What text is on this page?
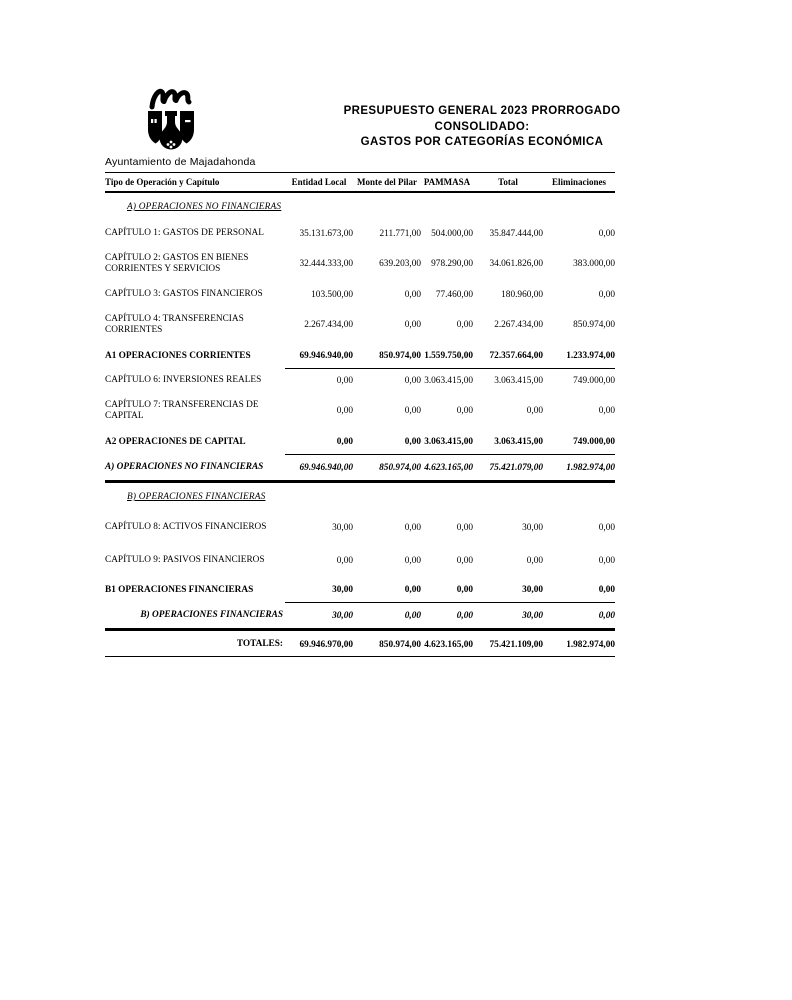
PRESUPUESTO GENERAL 2023 PRORROGADO
CONSOLIDADO:
GASTOS POR CATEGORÍAS ECONÓMICA
Ayuntamiento de Majadahonda
Tipo de Operación y Capítulo	Entidad Local	Monte del Pilar	PAMMASA	Total	Eliminaciones
A) OPERACIONES NO FINANCIERAS					
CAPÍTULO 1: GASTOS DE PERSONAL	35.131.673,00	211.771,00	504.000,00	35.847.444,00	0,00
CAPÍTULO 2: GASTOS EN BIENES CORRIENTES Y SERVICIOS	32.444.333,00	639.203,00	978.290,00	34.061.826,00	383.000,00
CAPÍTULO 3: GASTOS FINANCIEROS	103.500,00	0,00	77.460,00	180.960,00	0,00
CAPÍTULO 4: TRANSFERENCIAS CORRIENTES	2.267.434,00	0,00	0,00	2.267.434,00	850.974,00
A1 OPERACIONES CORRIENTES	69.946.940,00	850.974,00	1.559.750,00	72.357.664,00	1.233.974,00
CAPÍTULO 6: INVERSIONES REALES	0,00	0,00	3.063.415,00	3.063.415,00	749.000,00
CAPÍTULO 7: TRANSFERENCIAS DE CAPITAL	0,00	0,00	0,00	0,00	0,00
A2 OPERACIONES DE CAPITAL	0,00	0,00	3.063.415,00	3.063.415,00	749.000,00
A) OPERACIONES NO FINANCIERAS	69.946.940,00	850.974,00	4.623.165,00	75.421.079,00	1.982.974,00
B) OPERACIONES FINANCIERAS					
CAPÍTULO 8: ACTIVOS FINANCIEROS	30,00	0,00	0,00	30,00	0,00
CAPÍTULO 9: PASIVOS FINANCIEROS	0,00	0,00	0,00	0,00	0,00
B1 OPERACIONES FINANCIERAS	30,00	0,00	0,00	30,00	0,00
B) OPERACIONES FINANCIERAS	30,00	0,00	0,00	30,00	0,00
TOTALES:	69.946.970,00	850.974,00	4.623.165,00	75.421.109,00	1.982.974,00
